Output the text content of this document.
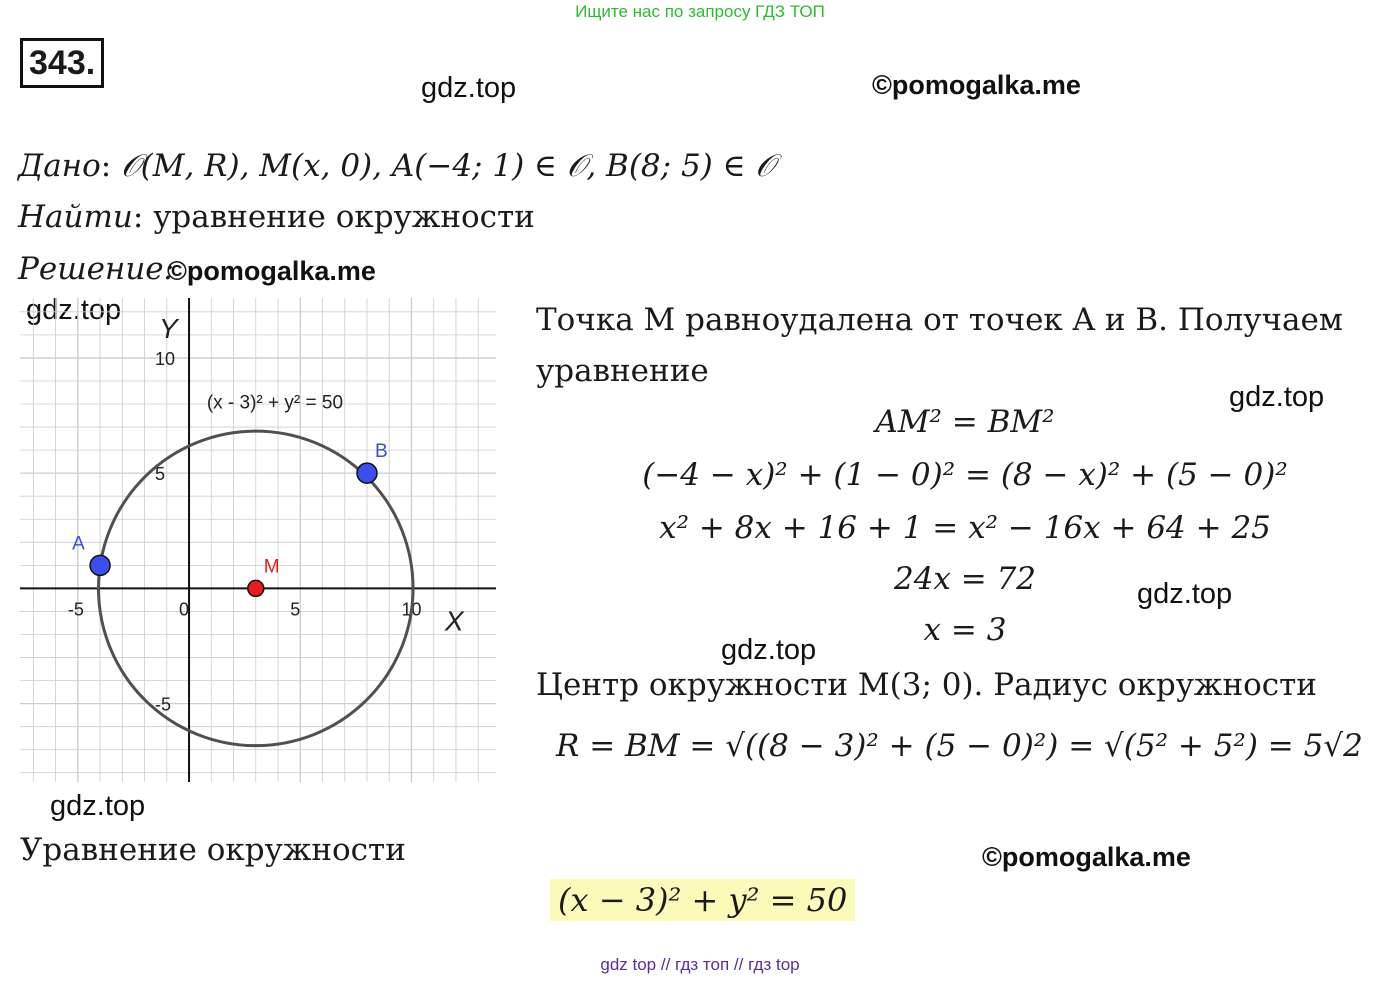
Ищите нас по запросу ГДЗ ТОП
343.
gdz.top	©pomogalka.me
gdz.top
©pomogalka.me
gdz.top
gdz.top
gdz.top
gdz.top
©pomogalka.me
Дано: 𝒪(M, R), M(x, 0), A(−4; 1) ∈ 𝒪, B(8; 5) ∈ 𝒪
Найти: уравнение окружности
Решение:
-5	0	5	10
-5
5
10
(x - 3)² + y² = 50
A
B
M
X
Y	Точка M равноудалена от точек A и B. Получаем
уравнение
AM² = BM²
(−4 − x)² + (1 − 0)² = (8 − x)² + (5 − 0)²
x² + 8x + 16 + 1 = x² − 16x + 64 + 25
24x = 72
x = 3
Центр окружности M(3; 0). Радиус окружности
R = BM = √((8 − 3)² + (5 − 0)²) = √(5² + 5²) = 5√2
Уравнение окружности
(x − 3)² + y² = 50
gdz top // гдз топ // гдз top
